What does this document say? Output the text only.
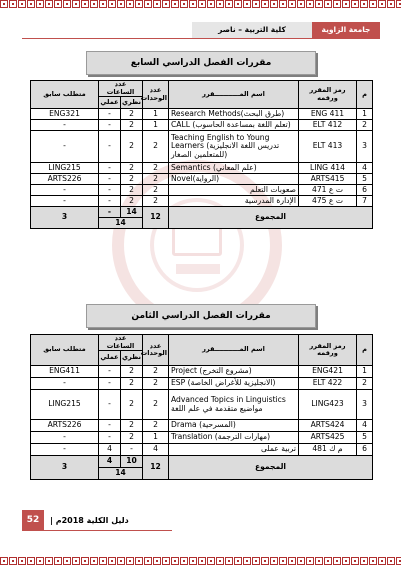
جامعة الزاوية
كلية التربية – ناصر
مقررات الفصل الدراسي السابع
م	رمز المقرر ورقمه	اسم المـــــــــــقرر	عدد الوحدات	عدد الساعات		متطلب سابق
				نظري	عملي	
1	ENG 411	Research Methods(طرق البحث)	1	2	-	ENG321
2	ELT 412	CALL (تعلم اللغة بمساعدة الحاسوب)	1	2	-	-
3	ELT 413	Teaching English to Young Learners (تدريس اللغة الانجليزية للمتعلمين الصغار)	2	2	-	-
4	LING 414	Semantics (علم المعاني)	2	2	-	LING215
5	ARTS415	Novel(الرواية)	2	2	-	ARTS226
6	ت ع 471	صعوبات التعلم	2	2	-	-
7	ت ع 475	الإدارة المدرسية	2	2	-	-
المجموع			12	14	-	3
				14		
مقررات الفصل الدراسي الثامن
م	رمز المقرر ورقمه	اسم المـــــــــــقرر	عدد الوحدات	عدد الساعات		متطلب سابق
				نظري	عملي	
1	ENG421	Project (مشروع التخرج)	2	2	-	ENG411
2	ELT 422	ESP (الانجليزية للأغراض الخاصة)	2	2	-	-
3	LING423	Advanced Topics in Linguistics مواضيع متقدمة في علم اللغة	2	2	-	LING215
4	ARTS424	Drama (المسرحية)	2	2	-	ARTS226
5	ARTS425	Translation (مهارات الترجمة)	1	2	-	-
6	م ك 481	تربية عملى	4	-	4	-
المجموع			12	10	4	3
				14		
52	دليل الكلية 2018م |
